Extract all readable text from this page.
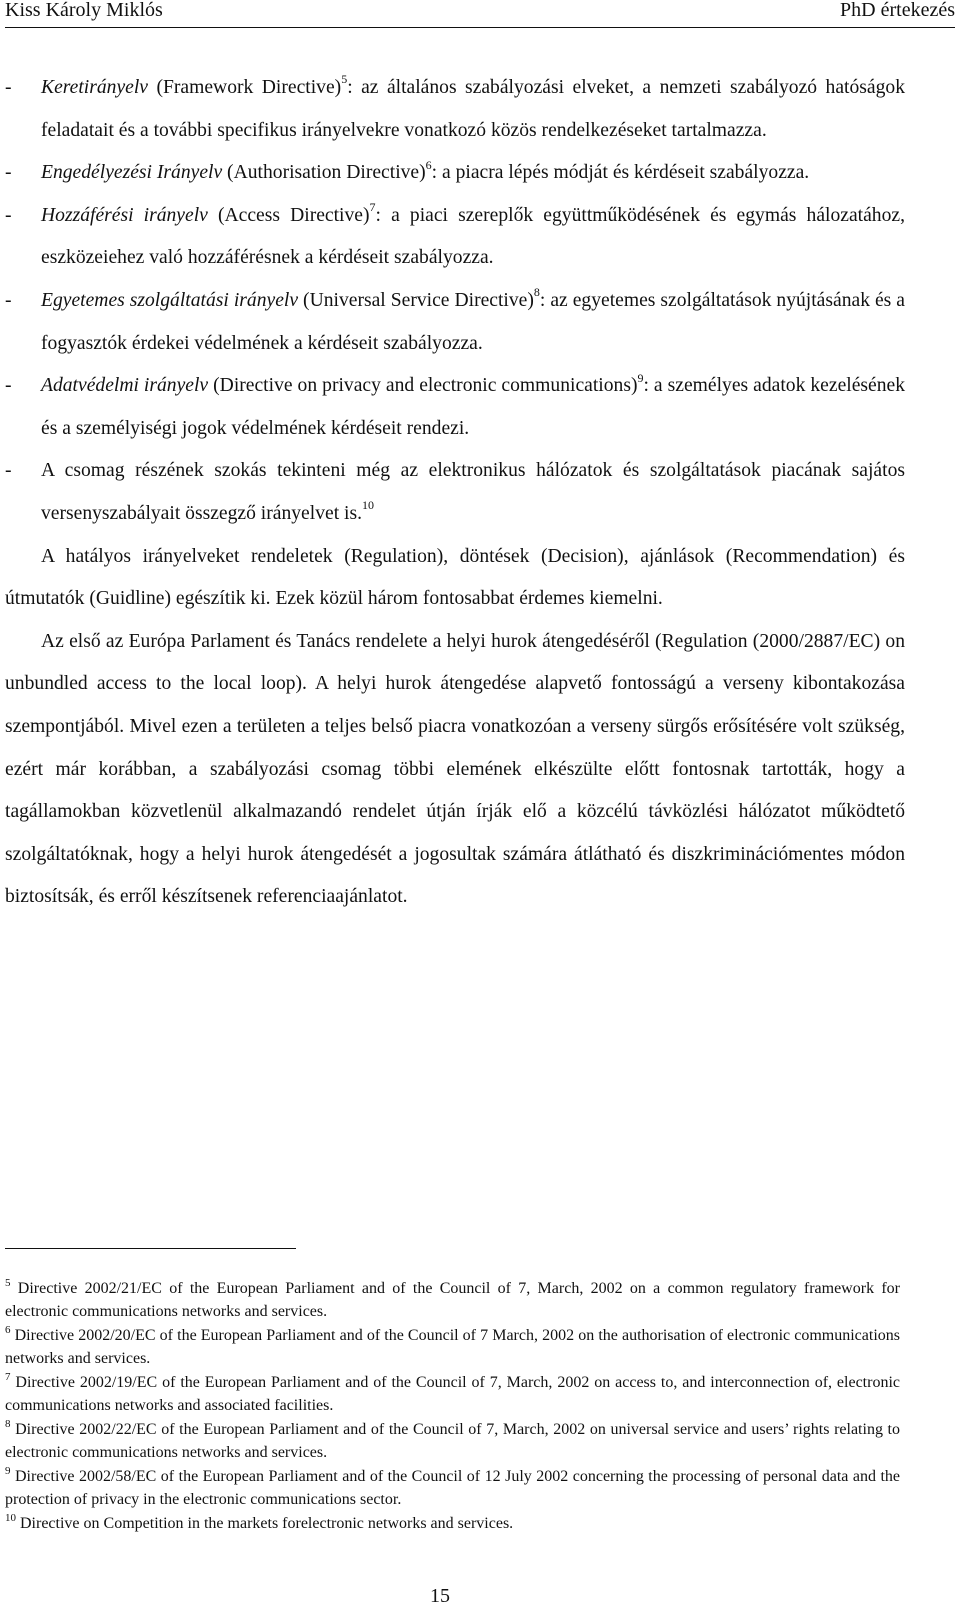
Kiss Károly Miklós	PhD értekezés
- Keretirányelv (Framework Directive)$^5$: az általános szabályozási elveket, a nemzeti szabályozó hatóságok feladatait és a további specifikus irányelvekre vonatkozó közös rendelkezéseket tartalmazza.
- Engedélyezési Irányelv (Authorisation Directive)$^6$: a piacra lépés módját és kérdéseit szabályozza.
- Hozzáférési irányelv (Access Directive)$^7$: a piaci szereplők együttműködésének és egymás hálozatához, eszközeiehez való hozzáférésnek a kérdéseit szabályozza.
- Egyetemes szolgáltatási irányelv (Universal Service Directive)$^8$: az egyetemes szolgáltatások nyújtásának és a fogyasztók érdekei védelmének a kérdéseit szabályozza.
- Adatvédelmi irányelv (Directive on privacy and electronic communications)$^9$: a személyes adatok kezelésének és a személyiségi jogok védelmének kérdéseit rendezi.
- A csomag részének szokás tekinteni még az elektronikus hálózatok és szolgáltatások piacának sajátos versenyszabályait összegző irányelvet is.$^{10}$

A hatályos irányelveket rendeletek (Regulation), döntések (Decision), ajánlások (Recommendation) és útmutatók (Guidline) egészítik ki. Ezek közül három fontosabbat érdemes kiemelni.

Az első az Európa Parlament és Tanács rendelete a helyi hurok átengedéséről (Regulation (2000/2887/EC) on unbundled access to the local loop). A helyi hurok átengedése alapvető fontosságú a verseny kibontakozása szempontjából. Mivel ezen a területen a teljes belső piacra vonatkozóan a verseny sürgős erősítésére volt szükség, ezért már korábban, a szabályozási csomag többi elemének elkészülte előtt fontosnak tartották, hogy a tagállamokban közvetlenül alkalmazandó rendelet útján írják elő a közcélú távközlési hálózatot működtető szolgáltatóknak, hogy a helyi hurok átengedését a jogosultak számára átlátható és diszkriminációmentes módon biztosítsák, és erről készítsenek referenciaajánlatot.

$^5$ Directive 2002/21/EC of the European Parliament and of the Council of 7, March, 2002 on a common regulatory framework for electronic communications networks and services.

$^6$ Directive 2002/20/EC of the European Parliament and of the Council of 7 March, 2002 on the authorisation of electronic communications networks and services.

$^7$ Directive 2002/19/EC of the European Parliament and of the Council of 7, March, 2002 on access to, and interconnection of, electronic communications networks and associated facilities.

$^8$ Directive 2002/22/EC of the European Parliament and of the Council of 7, March, 2002 on universal service and users’ rights relating to electronic communications networks and services.

$^9$ Directive 2002/58/EC of the European Parliament and of the Council of 12 July 2002 concerning the processing of personal data and the protection of privacy in the electronic communications sector.

$^{10}$ Directive on Competition in the markets forelectronic networks and services.

15
